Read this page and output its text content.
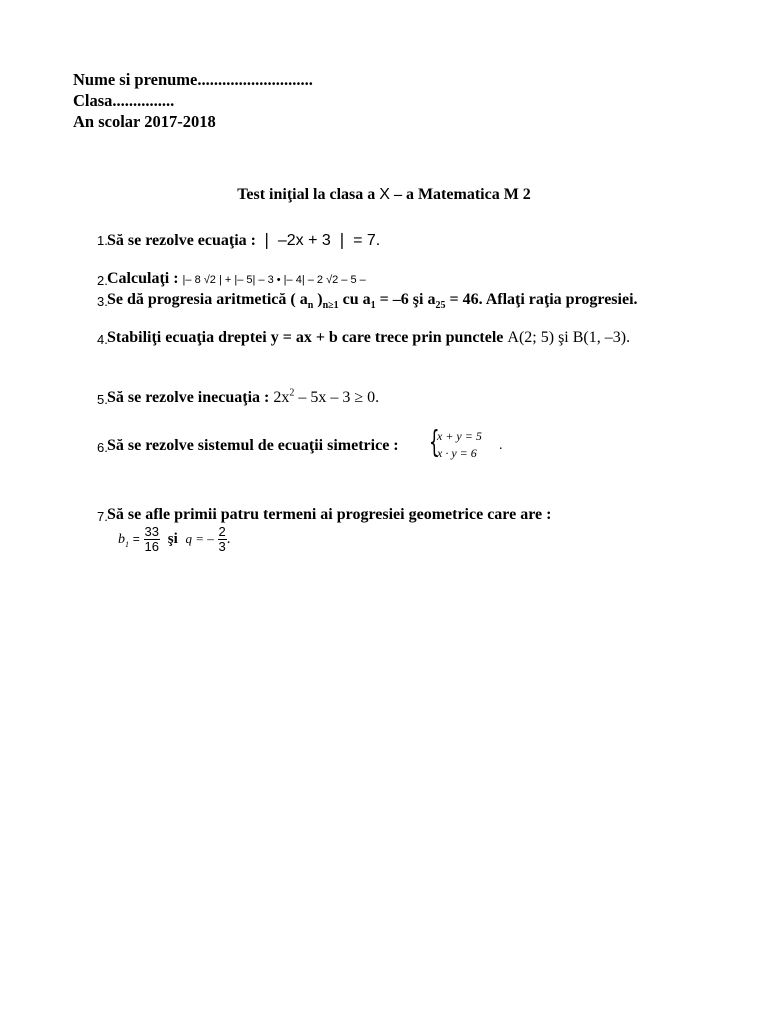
Nume si prenume............................
Clasa...............
An scolar 2017-2018
Test iniţial la clasa a X – a Matematica M 2
1. Să se rezolve ecuaţia : ❘ –2x + 3 ❘ = 7.
2. Calculaţi : |– 8 √2 | + |– 5| – 3 • |– 4| – 2 √2 – 5 –
3. Se dă progresia aritmetică ( $a_n$ )$_{n\ge 1}$ cu $a_1 = -6$ şi $a_{25} = 46$. Aflaţi raţia progresiei.
4. Stabiliţi ecuaţia dreptei y = ax + b care trece prin punctele A(2; 5) şi B(1, –3).
5. Să se rezolve inecuaţia : $2x^2 - 5x - 3 \ge 0$.
6. Să se rezolve sistemul de ecuaţii simetrice : {
x + y = 5
x · y = 6	.
7. Să se afle primii patru termeni ai progresiei geometrice care are :
$b_1 = \frac{33}{16}$ şi q = – $\frac{2}{3}$ .
